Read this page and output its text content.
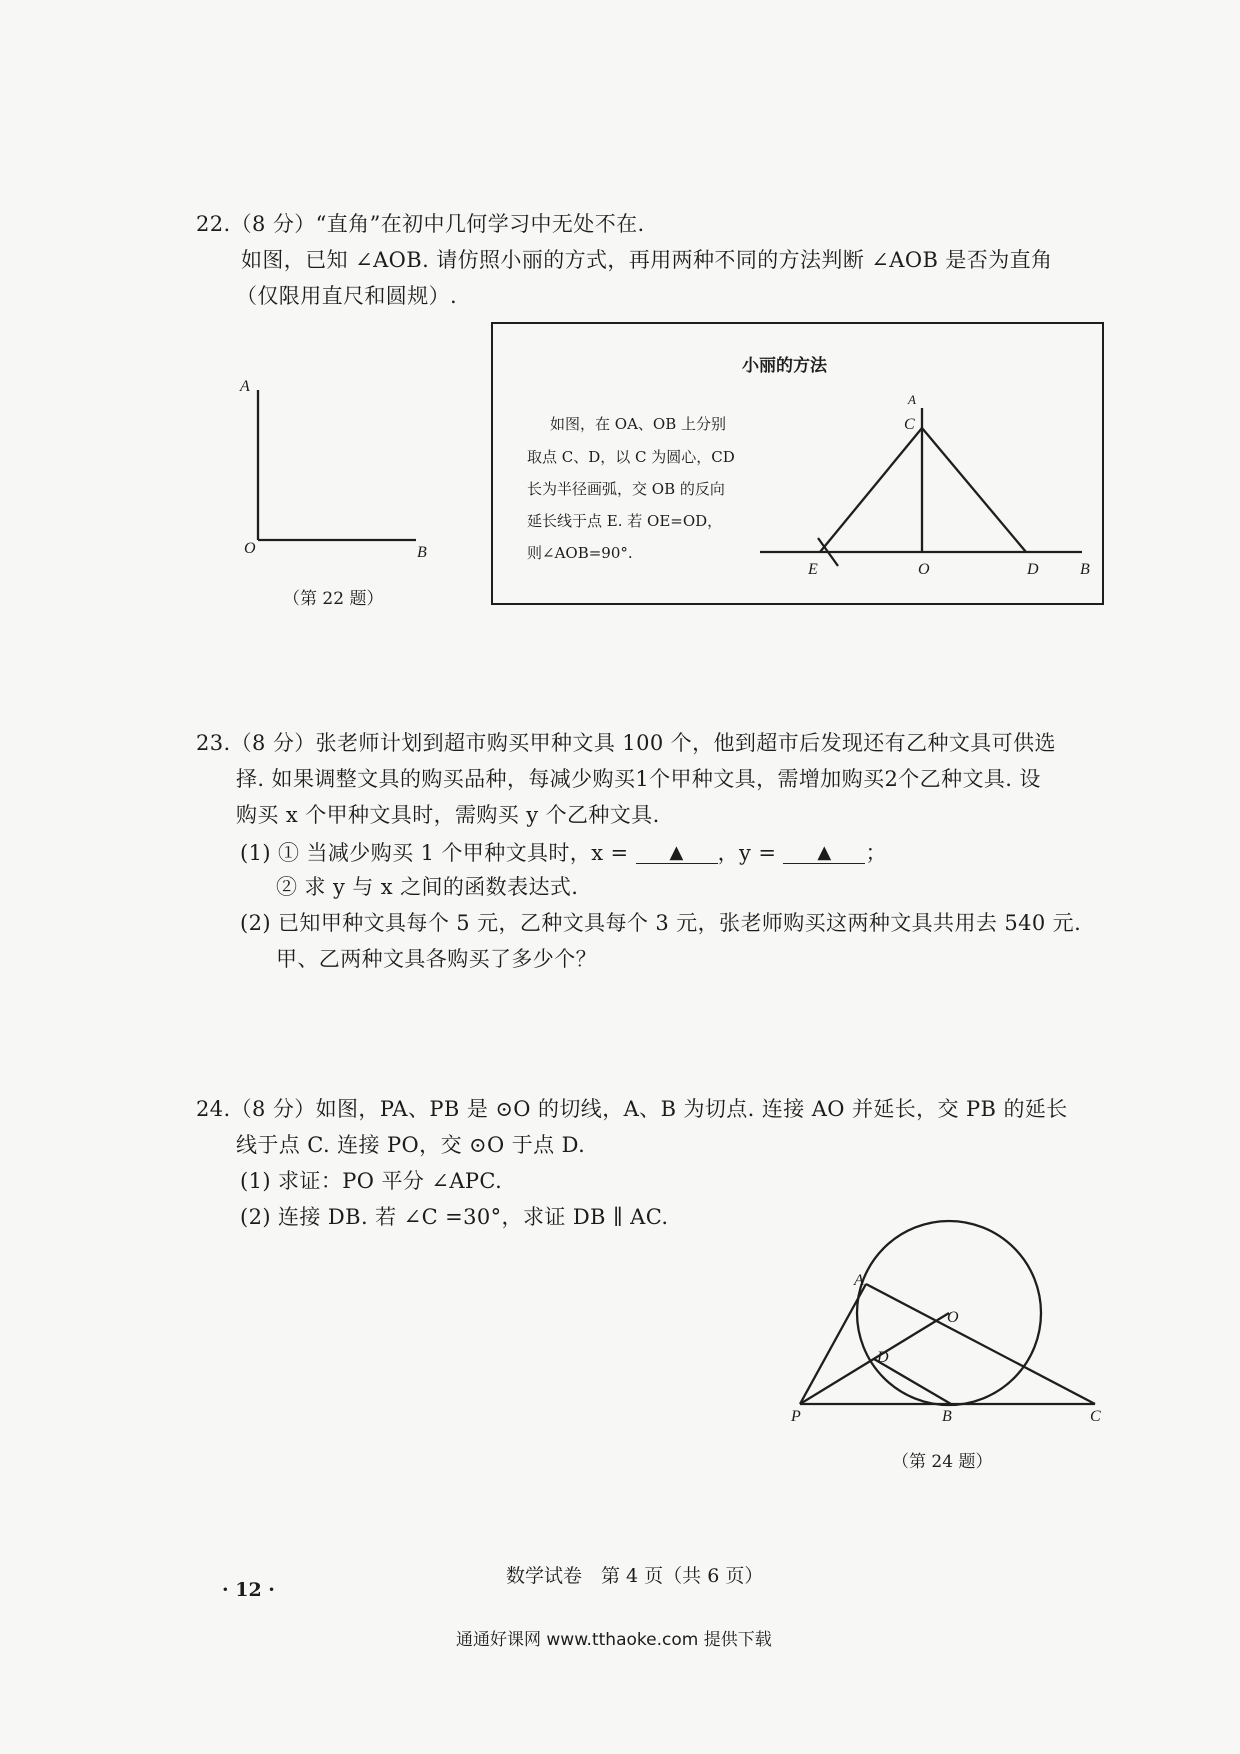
22.（8 分）“直角”在初中几何学习中无处不在.
如图，已知 ∠AOB. 请仿照小丽的方式，再用两种不同的方法判断 ∠AOB 是否为直角
（仅限用直尺和圆规）.
A
O	B
（第 22 题）
小丽的方法
如图，在 OA、OB 上分别
取点 C、D，以 C 为圆心，CD
长为半径画弧，交 OB 的反向
延长线于点 E. 若 OE=OD，
则∠AOB=90°.
A
C
E	O	D	B
23.（8 分）张老师计划到超市购买甲种文具 100 个，他到超市后发现还有乙种文具可供选
择. 如果调整文具的购买品种，每减少购买1个甲种文具，需增加购买2个乙种文具. 设
购买 x 个甲种文具时，需购买 y 个乙种文具.
(1) ① 当减少购买 1 个甲种文具时，x = ▲ ，y = ▲ ；
② 求 y 与 x 之间的函数表达式.
(2) 已知甲种文具每个 5 元，乙种文具每个 3 元，张老师购买这两种文具共用去 540 元.
甲、乙两种文具各购买了多少个？
24.（8 分）如图，PA、PB 是 ⊙O 的切线，A、B 为切点. 连接 AO 并延长，交 PB 的延长
线于点 C. 连接 PO，交 ⊙O 于点 D.
(1) 求证：PO 平分 ∠APC.
(2) 连接 DB. 若 ∠C =30°，求证 DB ∥ AC.
A
O
D
P	B	C
（第 24 题）
· 12 ·
数学试卷　第 4 页（共 6 页）
通通好课网 www.tthaoke.com 提供下载
